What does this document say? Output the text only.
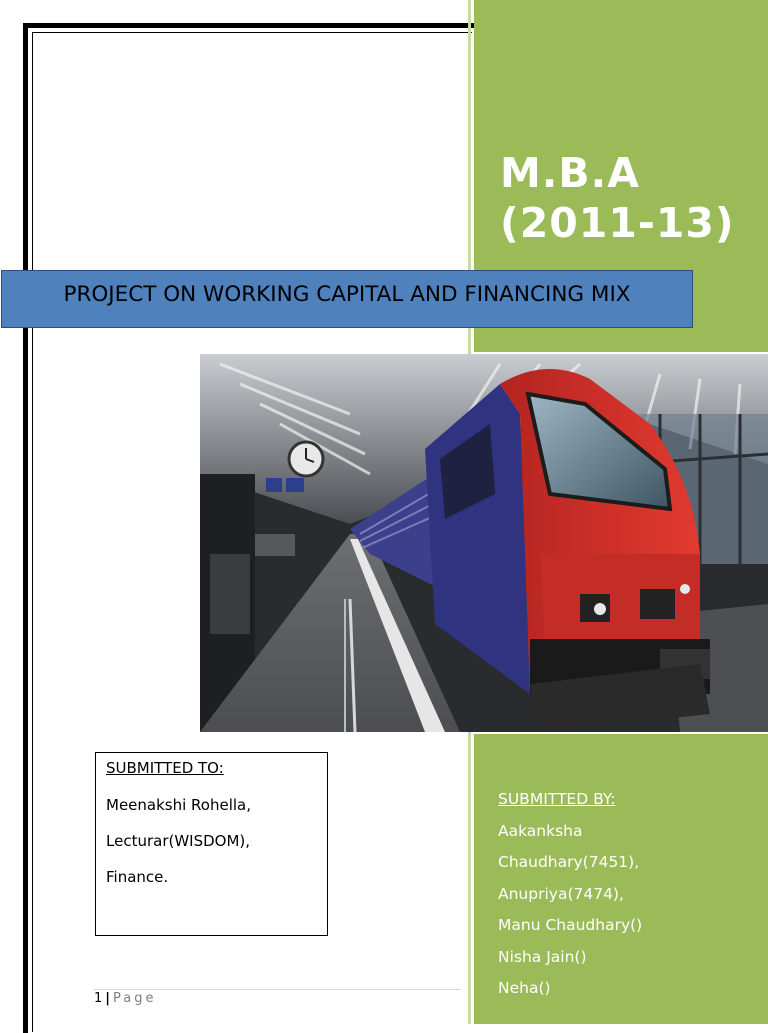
M.B.A
(2011-13)
PROJECT ON WORKING CAPITAL AND FINANCING MIX
SUBMITTED TO:
Meenakshi Rohella,
Lecturar(WISDOM),
Finance.
SUBMITTED BY:
Aakanksha
Chaudhary(7451),
Anupriya(7474),
Manu Chaudhary()
Nisha Jain()
Neha()
1 | Page
